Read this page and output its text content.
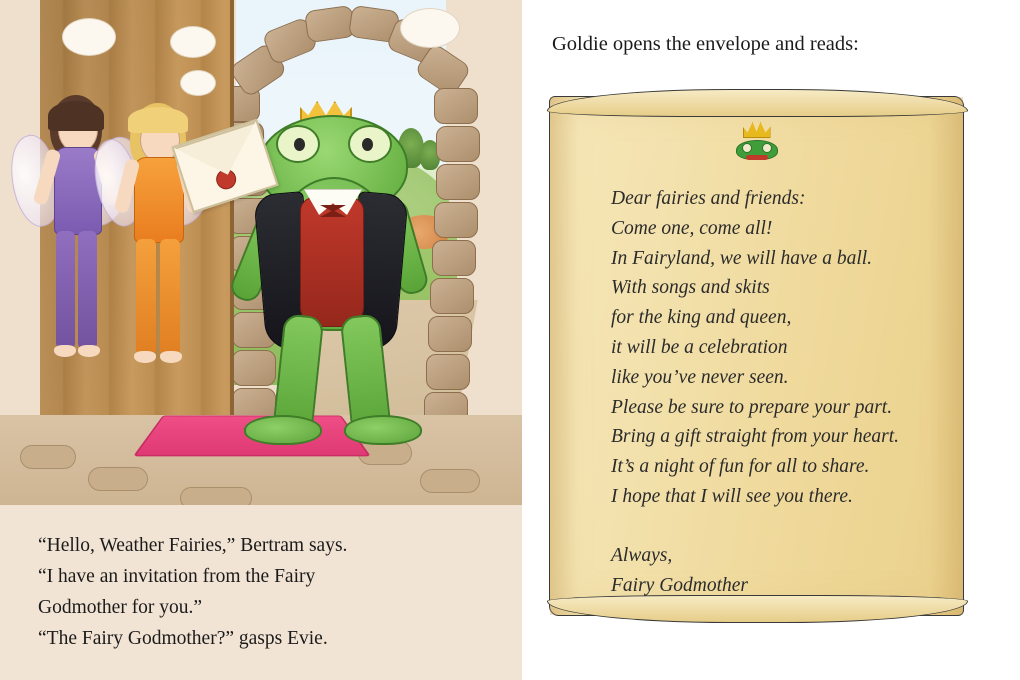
“Hello, Weather Fairies,” Bertram says.

“I have an invitation from the Fairy

Godmother for you.”

“The Fairy Godmother?” gasps Evie.

Goldie opens the envelope and reads:

Dear fairies and friends:

Come one, come all!

In Fairyland, we will have a ball.

With songs and skits

for the king and queen,

it will be a celebration

like you’ve never seen.

Please be sure to prepare your part.

Bring a gift straight from your heart.

It’s a night of fun for all to share.

I hope that I will see you there.

Always,

Fairy Godmother
